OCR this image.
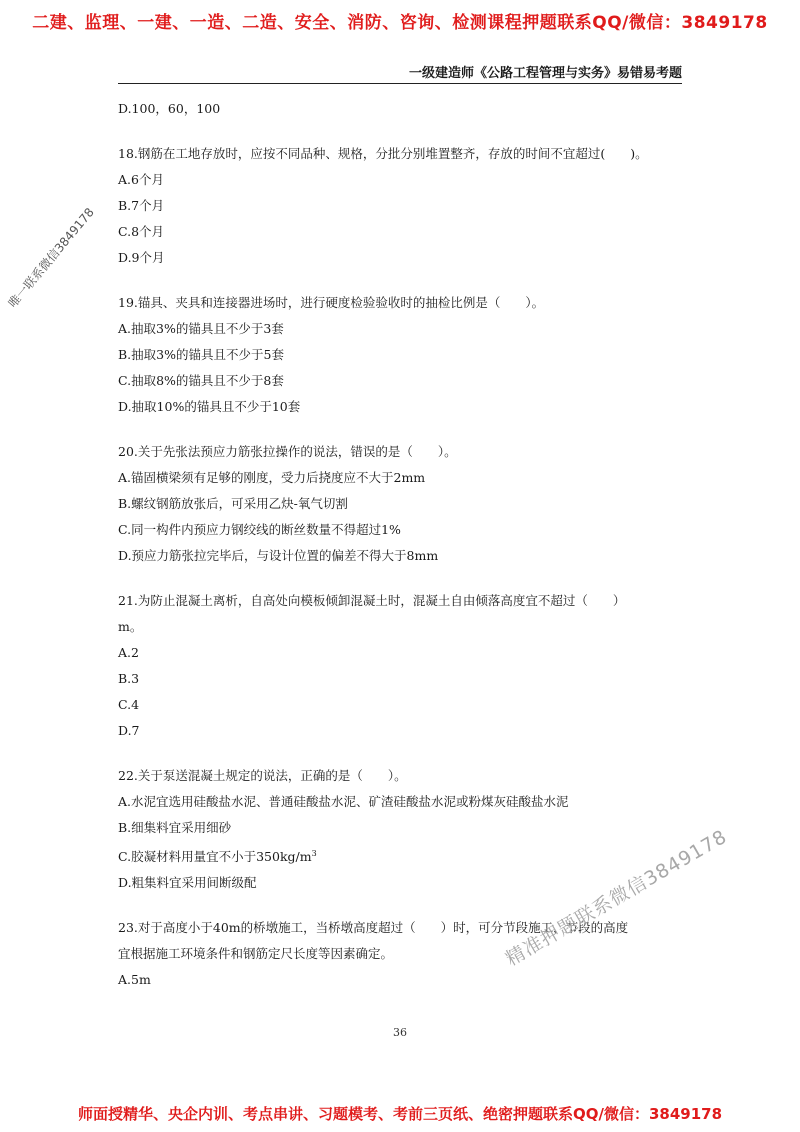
二建、监理、一建、一造、二造、安全、消防、咨询、检测课程押题联系QQ/微信：3849178
一级建造师《公路工程管理与实务》易错易考题
D.100，60，100
18.钢筋在工地存放时，应按不同品种、规格，分批分别堆置整齐，存放的时间不宜超过(　　)。
A.6个月
B.7个月
C.8个月
D.9个月
19.锚具、夹具和连接器进场时，进行硬度检验验收时的抽检比例是（　　）。
A.抽取3%的锚具且不少于3套
B.抽取3%的锚具且不少于5套
C.抽取8%的锚具且不少于8套
D.抽取10%的锚具且不少于10套
20.关于先张法预应力筋张拉操作的说法，错误的是（　　）。
A.锚固横梁须有足够的刚度，受力后挠度应不大于2mm
B.螺纹钢筋放张后，可采用乙炔-氧气切割
C.同一构件内预应力钢绞线的断丝数量不得超过1%
D.预应力筋张拉完毕后，与设计位置的偏差不得大于8mm
21.为防止混凝土离析，自高处向模板倾卸混凝土时，混凝土自由倾落高度宜不超过（　　）
m。
A.2
B.3
C.4
D.7
22.关于泵送混凝土规定的说法，正确的是（　　）。
A.水泥宜选用硅酸盐水泥、普通硅酸盐水泥、矿渣硅酸盐水泥或粉煤灰硅酸盐水泥
B.细集料宜采用细砂
C.胶凝材料用量宜不小于$350kg/m^3$
D.粗集料宜采用间断级配
23.对于高度小于40m的桥墩施工，当桥墩高度超过（　　）时，可分节段施工，节段的高度
宜根据施工环境条件和钢筋定尺长度等因素确定。
A.5m
唯一联系微信3849178
精准押题联系微信3849178
36
师面授精华、央企内训、考点串讲、习题模考、考前三页纸、绝密押题联系QQ/微信：3849178
